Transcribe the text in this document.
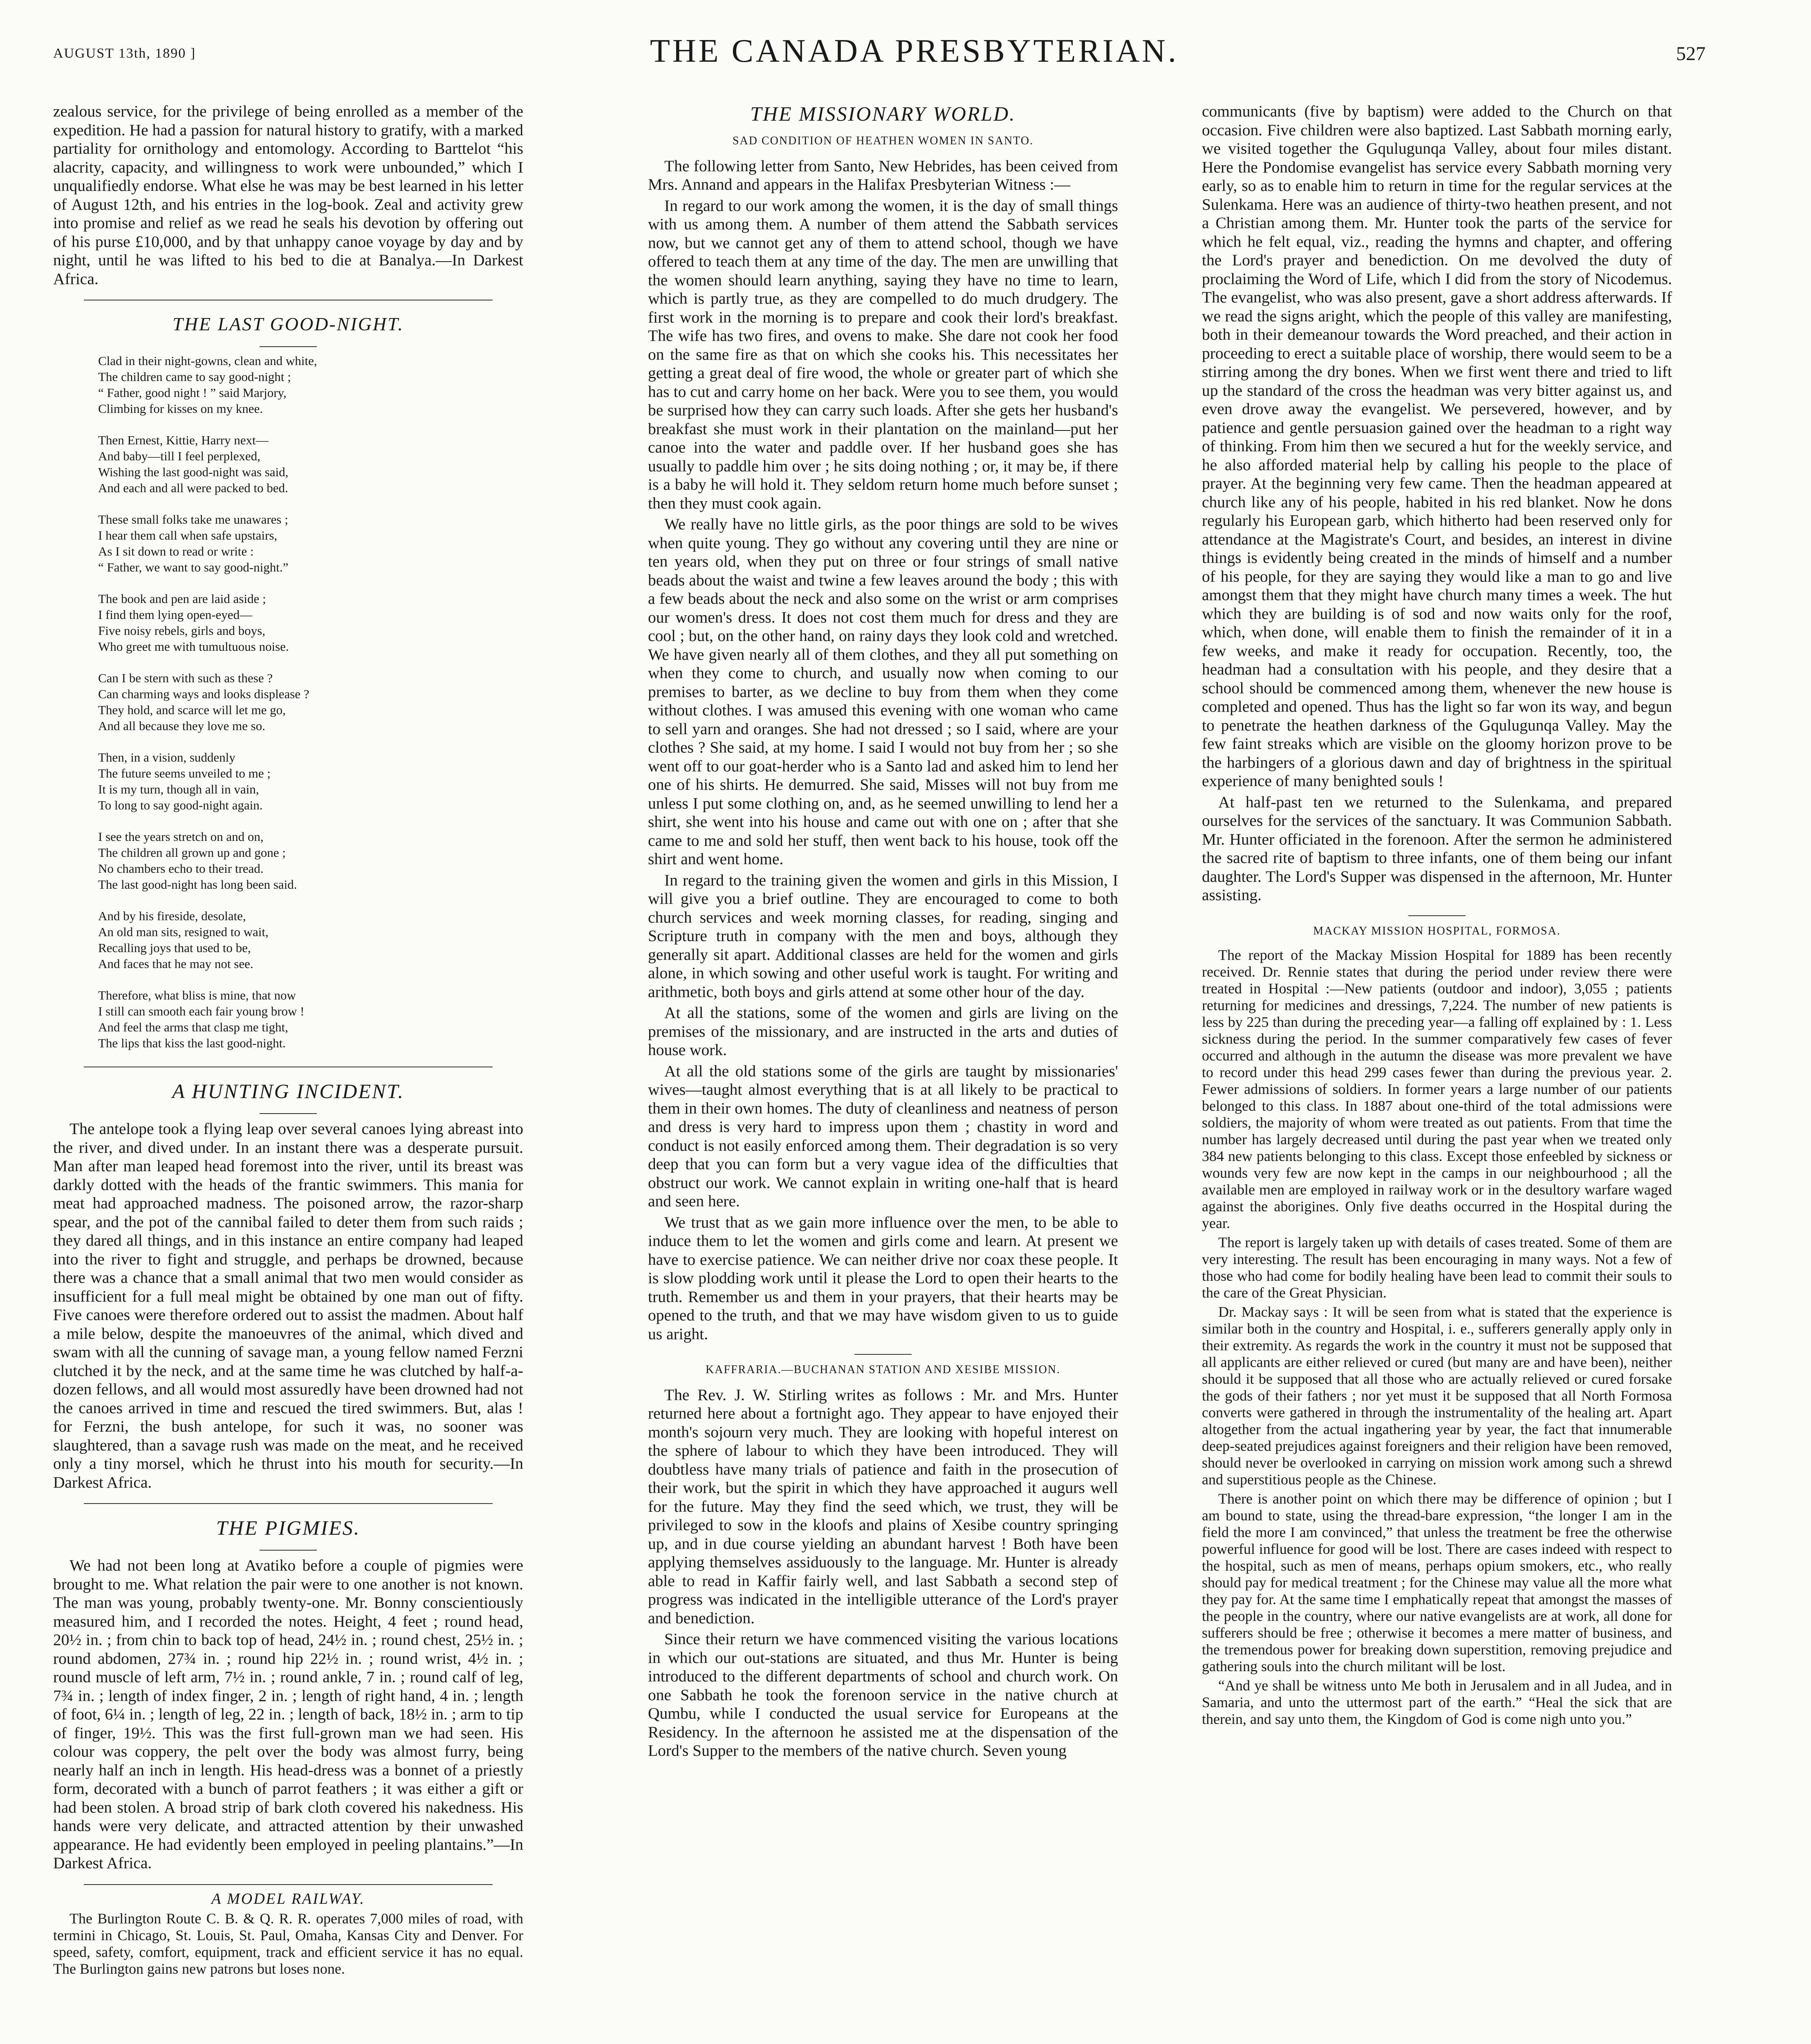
AUGUST 13th, 1890 ]	THE CANADA PRESBYTERIAN.	527

zealous service, for the privilege of being enrolled as a member of the expedition. He had a passion for natural history to gratify, with a marked partiality for ornithology and entomology. According to Barttelot “his alacrity, capacity, and willingness to work were unbounded,” which I unqualifiedly endorse. What else he was may be best learned in his letter of August 12th, and his entries in the log-book. Zeal and activity grew into promise and relief as we read he seals his devotion by offering out of his purse £10,000, and by that unhappy canoe voyage by day and by night, until he was lifted to his bed to die at Banalya.—In Darkest Africa.

THE LAST GOOD-NIGHT.
Clad in their night-gowns, clean and white,
The children came to say good-night ;
“ Father, good night ! ” said Marjory,
Climbing for kisses on my knee.
Then Ernest, Kittie, Harry next—
And baby—till I feel perplexed,
Wishing the last good-night was said,
And each and all were packed to bed.
These small folks take me unawares ;
I hear them call when safe upstairs,
As I sit down to read or write :
“ Father, we want to say good-night.”
The book and pen are laid aside ;
I find them lying open-eyed—
Five noisy rebels, girls and boys,
Who greet me with tumultuous noise.
Can I be stern with such as these ?
Can charming ways and looks displease ?
They hold, and scarce will let me go,
And all because they love me so.
Then, in a vision, suddenly
The future seems unveiled to me ;
It is my turn, though all in vain,
To long to say good-night again.
I see the years stretch on and on,
The children all grown up and gone ;
No chambers echo to their tread.
The last good-night has long been said.
And by his fireside, desolate,
An old man sits, resigned to wait,
Recalling joys that used to be,
And faces that he may not see.
Therefore, what bliss is mine, that now
I still can smooth each fair young brow !
And feel the arms that clasp me tight,
The lips that kiss the last good-night.
A HUNTING INCIDENT.

The antelope took a flying leap over several canoes lying abreast into the river, and dived under. In an instant there was a desperate pursuit. Man after man leaped head foremost into the river, until its breast was darkly dotted with the heads of the frantic swimmers. This mania for meat had approached madness. The poisoned arrow, the razor-sharp spear, and the pot of the cannibal failed to deter them from such raids ; they dared all things, and in this instance an entire company had leaped into the river to fight and struggle, and perhaps be drowned, because there was a chance that a small animal that two men would consider as insufficient for a full meal might be obtained by one man out of fifty. Five canoes were therefore ordered out to assist the madmen. About half a mile below, despite the manoeuvres of the animal, which dived and swam with all the cunning of savage man, a young fellow named Ferzni clutched it by the neck, and at the same time he was clutched by half-a-dozen fellows, and all would most assuredly have been drowned had not the canoes arrived in time and rescued the tired swimmers. But, alas ! for Ferzni, the bush antelope, for such it was, no sooner was slaughtered, than a savage rush was made on the meat, and he received only a tiny morsel, which he thrust into his mouth for security.—In Darkest Africa.

THE PIGMIES.

We had not been long at Avatiko before a couple of pigmies were brought to me. What relation the pair were to one another is not known. The man was young, probably twenty-one. Mr. Bonny conscientiously measured him, and I recorded the notes. Height, 4 feet ; round head, 20½ in. ; from chin to back top of head, 24½ in. ; round chest, 25½ in. ; round abdomen, 27¾ in. ; round hip 22½ in. ; round wrist, 4½ in. ; round muscle of left arm, 7½ in. ; round ankle, 7 in. ; round calf of leg, 7¾ in. ; length of index finger, 2 in. ; length of right hand, 4 in. ; length of foot, 6¼ in. ; length of leg, 22 in. ; length of back, 18½ in. ; arm to tip of finger, 19½. This was the first full-grown man we had seen. His colour was coppery, the pelt over the body was almost furry, being nearly half an inch in length. His head-dress was a bonnet of a priestly form, decorated with a bunch of parrot feathers ; it was either a gift or had been stolen. A broad strip of bark cloth covered his nakedness. His hands were very delicate, and attracted attention by their unwashed appearance. He had evidently been employed in peeling plantains.”—In Darkest Africa.

A MODEL RAILWAY.

The Burlington Route C. B. & Q. R. R. operates 7,000 miles of road, with termini in Chicago, St. Louis, St. Paul, Omaha, Kansas City and Denver. For speed, safety, comfort, equipment, track and efficient service it has no equal. The Burlington gains new patrons but loses none.

THE MISSIONARY WORLD.
SAD CONDITION OF HEATHEN WOMEN IN SANTO.

The following letter from Santo, New Hebrides, has been ceived from Mrs. Annand and appears in the Halifax Presbyterian Witness :—

In regard to our work among the women, it is the day of small things with us among them. A number of them attend the Sabbath services now, but we cannot get any of them to attend school, though we have offered to teach them at any time of the day. The men are unwilling that the women should learn anything, saying they have no time to learn, which is partly true, as they are compelled to do much drudgery. The first work in the morning is to prepare and cook their lord's breakfast. The wife has two fires, and ovens to make. She dare not cook her food on the same fire as that on which she cooks his. This necessitates her getting a great deal of fire wood, the whole or greater part of which she has to cut and carry home on her back. Were you to see them, you would be surprised how they can carry such loads. After she gets her husband's breakfast she must work in their plantation on the mainland—put her canoe into the water and paddle over. If her husband goes she has usually to paddle him over ; he sits doing nothing ; or, it may be, if there is a baby he will hold it. They seldom return home much before sunset ; then they must cook again.

We really have no little girls, as the poor things are sold to be wives when quite young. They go without any covering until they are nine or ten years old, when they put on three or four strings of small native beads about the waist and twine a few leaves around the body ; this with a few beads about the neck and also some on the wrist or arm comprises our women's dress. It does not cost them much for dress and they are cool ; but, on the other hand, on rainy days they look cold and wretched. We have given nearly all of them clothes, and they all put something on when they come to church, and usually now when coming to our premises to barter, as we decline to buy from them when they come without clothes. I was amused this evening with one woman who came to sell yarn and oranges. She had not dressed ; so I said, where are your clothes ? She said, at my home. I said I would not buy from her ; so she went off to our goat-herder who is a Santo lad and asked him to lend her one of his shirts. He demurred. She said, Misses will not buy from me unless I put some clothing on, and, as he seemed unwilling to lend her a shirt, she went into his house and came out with one on ; after that she came to me and sold her stuff, then went back to his house, took off the shirt and went home.

In regard to the training given the women and girls in this Mission, I will give you a brief outline. They are encouraged to come to both church services and week morning classes, for reading, singing and Scripture truth in company with the men and boys, although they generally sit apart. Additional classes are held for the women and girls alone, in which sowing and other useful work is taught. For writing and arithmetic, both boys and girls attend at some other hour of the day.

At all the stations, some of the women and girls are living on the premises of the missionary, and are instructed in the arts and duties of house work.

At all the old stations some of the girls are taught by missionaries' wives—taught almost everything that is at all likely to be practical to them in their own homes. The duty of cleanliness and neatness of person and dress is very hard to impress upon them ; chastity in word and conduct is not easily enforced among them. Their degradation is so very deep that you can form but a very vague idea of the difficulties that obstruct our work. We cannot explain in writing one-half that is heard and seen here.

We trust that as we gain more influence over the men, to be able to induce them to let the women and girls come and learn. At present we have to exercise patience. We can neither drive nor coax these people. It is slow plodding work until it please the Lord to open their hearts to the truth. Remember us and them in your prayers, that their hearts may be opened to the truth, and that we may have wisdom given to us to guide us aright.

KAFFRARIA.—BUCHANAN STATION AND XESIBE MISSION.

The Rev. J. W. Stirling writes as follows : Mr. and Mrs. Hunter returned here about a fortnight ago. They appear to have enjoyed their month's sojourn very much. They are looking with hopeful interest on the sphere of labour to which they have been introduced. They will doubtless have many trials of patience and faith in the prosecution of their work, but the spirit in which they have approached it augurs well for the future. May they find the seed which, we trust, they will be privileged to sow in the kloofs and plains of Xesibe country springing up, and in due course yielding an abundant harvest ! Both have been applying themselves assiduously to the language. Mr. Hunter is already able to read in Kaffir fairly well, and last Sabbath a second step of progress was indicated in the intelligible utterance of the Lord's prayer and benediction.

Since their return we have commenced visiting the various locations in which our out-stations are situated, and thus Mr. Hunter is being introduced to the different departments of school and church work. On one Sabbath he took the forenoon service in the native church at Qumbu, while I conducted the usual service for Europeans at the Residency. In the afternoon he assisted me at the dispensation of the Lord's Supper to the members of the native church. Seven young

communicants (five by baptism) were added to the Church on that occasion. Five children were also baptized. Last Sabbath morning early, we visited together the Gqulugunqa Valley, about four miles distant. Here the Pondomise evangelist has service every Sabbath morning very early, so as to enable him to return in time for the regular services at the Sulenkama. Here was an audience of thirty-two heathen present, and not a Christian among them. Mr. Hunter took the parts of the service for which he felt equal, viz., reading the hymns and chapter, and offering the Lord's prayer and benediction. On me devolved the duty of proclaiming the Word of Life, which I did from the story of Nicodemus. The evangelist, who was also present, gave a short address afterwards. If we read the signs aright, which the people of this valley are manifesting, both in their demeanour towards the Word preached, and their action in proceeding to erect a suitable place of worship, there would seem to be a stirring among the dry bones. When we first went there and tried to lift up the standard of the cross the headman was very bitter against us, and even drove away the evangelist. We persevered, however, and by patience and gentle persuasion gained over the headman to a right way of thinking. From him then we secured a hut for the weekly service, and he also afforded material help by calling his people to the place of prayer. At the beginning very few came. Then the headman appeared at church like any of his people, habited in his red blanket. Now he dons regularly his European garb, which hitherto had been reserved only for attendance at the Magistrate's Court, and besides, an interest in divine things is evidently being created in the minds of himself and a number of his people, for they are saying they would like a man to go and live amongst them that they might have church many times a week. The hut which they are building is of sod and now waits only for the roof, which, when done, will enable them to finish the remainder of it in a few weeks, and make it ready for occupation. Recently, too, the headman had a consultation with his people, and they desire that a school should be commenced among them, whenever the new house is completed and opened. Thus has the light so far won its way, and begun to penetrate the heathen darkness of the Gqulugunqa Valley. May the few faint streaks which are visible on the gloomy horizon prove to be the harbingers of a glorious dawn and day of brightness in the spiritual experience of many benighted souls !

At half-past ten we returned to the Sulenkama, and prepared ourselves for the services of the sanctuary. It was Communion Sabbath. Mr. Hunter officiated in the forenoon. After the sermon he administered the sacred rite of baptism to three infants, one of them being our infant daughter. The Lord's Supper was dispensed in the afternoon, Mr. Hunter assisting.

MACKAY MISSION HOSPITAL, FORMOSA.

The report of the Mackay Mission Hospital for 1889 has been recently received. Dr. Rennie states that during the period under review there were treated in Hospital :—New patients (outdoor and indoor), 3,055 ; patients returning for medicines and dressings, 7,224. The number of new patients is less by 225 than during the preceding year—a falling off explained by : 1. Less sickness during the period. In the summer comparatively few cases of fever occurred and although in the autumn the disease was more prevalent we have to record under this head 299 cases fewer than during the previous year. 2. Fewer admissions of soldiers. In former years a large number of our patients belonged to this class. In 1887 about one-third of the total admissions were soldiers, the majority of whom were treated as out patients. From that time the number has largely decreased until during the past year when we treated only 384 new patients belonging to this class. Except those enfeebled by sickness or wounds very few are now kept in the camps in our neighbourhood ; all the available men are employed in railway work or in the desultory warfare waged against the aborigines. Only five deaths occurred in the Hospital during the year.

The report is largely taken up with details of cases treated. Some of them are very interesting. The result has been encouraging in many ways. Not a few of those who had come for bodily healing have been lead to commit their souls to the care of the Great Physician.

Dr. Mackay says : It will be seen from what is stated that the experience is similar both in the country and Hospital, i. e., sufferers generally apply only in their extremity. As regards the work in the country it must not be supposed that all applicants are either relieved or cured (but many are and have been), neither should it be supposed that all those who are actually relieved or cured forsake the gods of their fathers ; nor yet must it be supposed that all North Formosa converts were gathered in through the instrumentality of the healing art. Apart altogether from the actual ingathering year by year, the fact that innumerable deep-seated prejudices against foreigners and their religion have been removed, should never be overlooked in carrying on mission work among such a shrewd and superstitious people as the Chinese.

There is another point on which there may be difference of opinion ; but I am bound to state, using the thread-bare expression, “the longer I am in the field the more I am convinced,” that unless the treatment be free the otherwise powerful influence for good will be lost. There are cases indeed with respect to the hospital, such as men of means, perhaps opium smokers, etc., who really should pay for medical treatment ; for the Chinese may value all the more what they pay for. At the same time I emphatically repeat that amongst the masses of the people in the country, where our native evangelists are at work, all done for sufferers should be free ; otherwise it becomes a mere matter of business, and the tremendous power for breaking down superstition, removing prejudice and gathering souls into the church militant will be lost.

“And ye shall be witness unto Me both in Jerusalem and in all Judea, and in Samaria, and unto the uttermost part of the earth.” “Heal the sick that are therein, and say unto them, the Kingdom of God is come nigh unto you.”
